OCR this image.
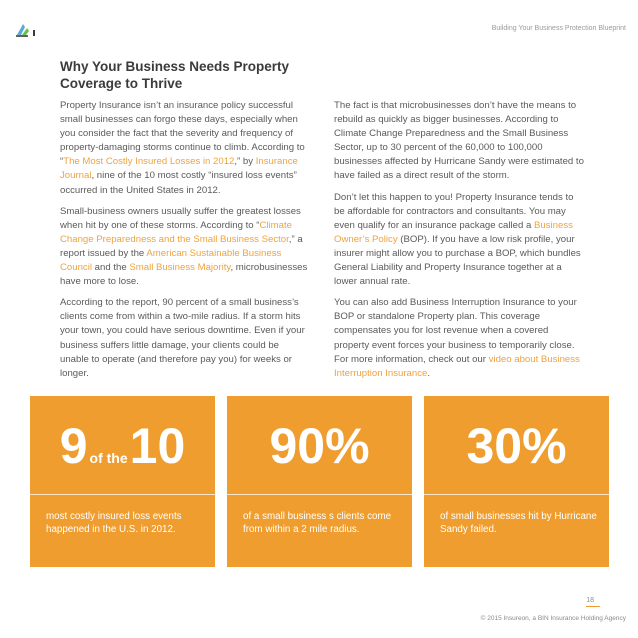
Building Your Business Protection Blueprint
Why Your Business Needs Property Coverage to Thrive

Property Insurance isn’t an insurance policy successful small businesses can forgo these days, especially when you consider the fact that the severity and frequency of property-damaging storms continue to climb. According to “The Most Costly Insured Losses in 2012,” by Insurance Journal, nine of the 10 most costly “insured loss events” occurred in the United States in 2012.

Small-business owners usually suffer the greatest losses when hit by one of these storms. According to “Climate Change Preparedness and the Small Business Sector,” a report issued by the American Sustainable Business Council and the Small Business Majority, microbusinesses have more to lose.

According to the report, 90 percent of a small business’s clients come from within a two-mile radius. If a storm hits your town, you could have serious downtime. Even if your business suffers little damage, your clients could be unable to operate (and therefore pay you) for weeks or longer.

The fact is that microbusinesses don’t have the means to rebuild as quickly as bigger businesses. According to Climate Change Preparedness and the Small Business Sector, up to 30 percent of the 60,000 to 100,000 businesses affected by Hurricane Sandy were estimated to have failed as a direct result of the storm.

Don’t let this happen to you! Property Insurance tends to be affordable for contractors and consultants. You may even qualify for an insurance package called a Business Owner’s Policy (BOP). If you have a low risk profile, your insurer might allow you to purchase a BOP, which bundles General Liability and Property Insurance together at a lower annual rate.

You can also add Business Interruption Insurance to your BOP or standalone Property plan. This coverage compensates you for lost revenue when a covered property event forces your business to temporarily close. For more information, check out our video about Business Interruption Insurance.

9 of the10
most costly insured loss events happened in the U.S. in 2012.
90%
of a small business s clients come from within a 2 mile radius.
30%
of small businesses hit by Hurricane Sandy failed.
18
© 2015 Insureon, a BIN Insurance Holding Agency
